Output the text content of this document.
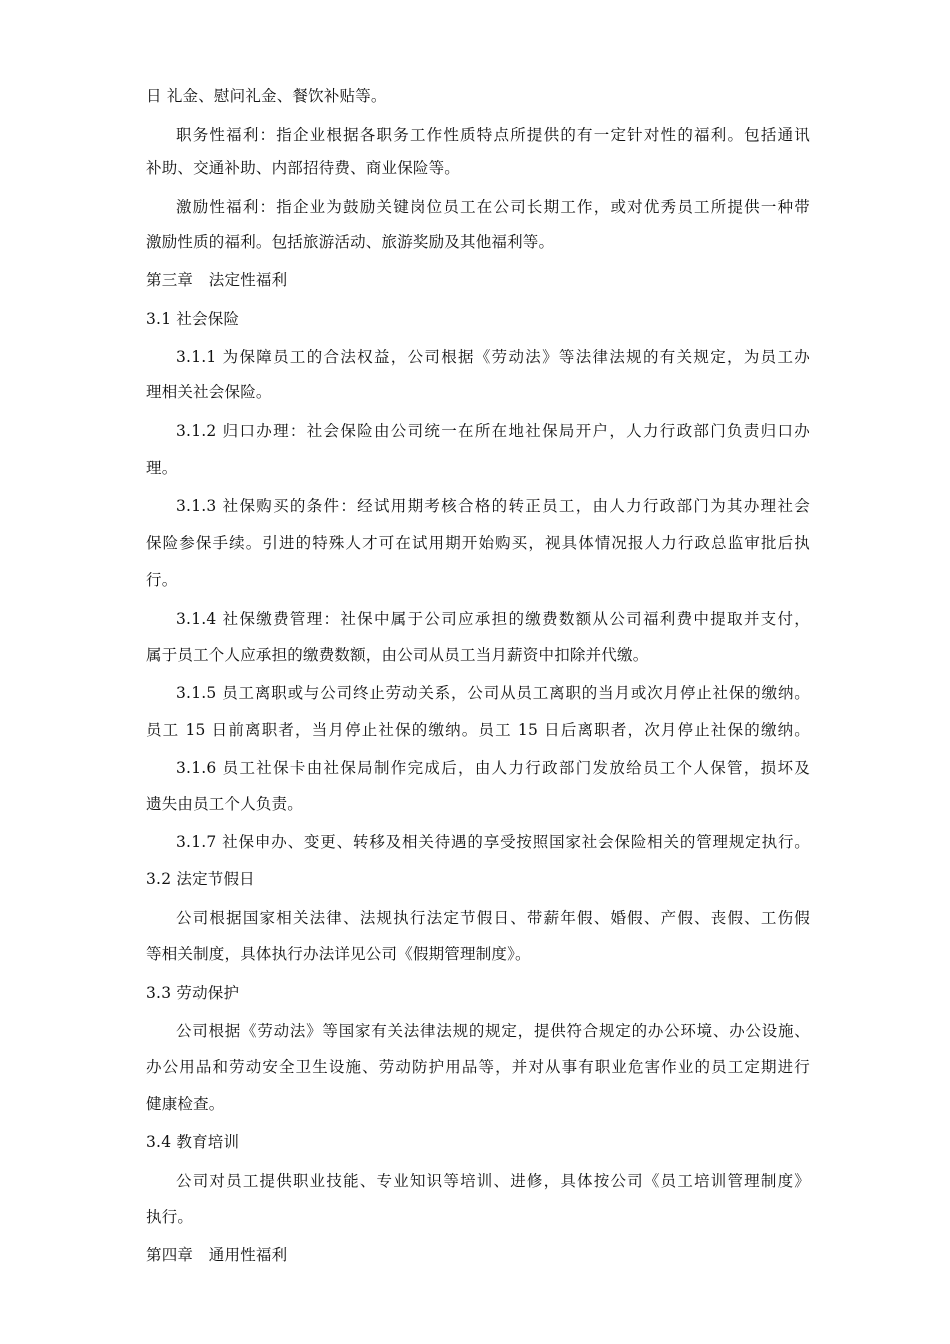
日 礼金、慰问礼金、餐饮补贴等。
职务性福利：指企业根据各职务工作性质特点所提供的有一定针对性的福利。包括通讯
补助、交通补助、内部招待费、商业保险等。
激励性福利：指企业为鼓励关键岗位员工在公司长期工作，或对优秀员工所提供一种带
激励性质的福利。包括旅游活动、旅游奖励及其他福利等。
第三章　法定性福利
3.1 社会保险
3.1.1 为保障员工的合法权益，公司根据《劳动法》等法律法规的有关规定，为员工办
理相关社会保险。
3.1.2 归口办理：社会保险由公司统一在所在地社保局开户，人力行政部门负责归口办
理。
3.1.3 社保购买的条件：经试用期考核合格的转正员工，由人力行政部门为其办理社会
保险参保手续。引进的特殊人才可在试用期开始购买，视具体情况报人力行政总监审批后执
行。
3.1.4 社保缴费管理：社保中属于公司应承担的缴费数额从公司福利费中提取并支付，
属于员工个人应承担的缴费数额，由公司从员工当月薪资中扣除并代缴。
3.1.5 员工离职或与公司终止劳动关系，公司从员工离职的当月或次月停止社保的缴纳。
员工 15 日前离职者，当月停止社保的缴纳。员工 15 日后离职者，次月停止社保的缴纳。
3.1.6 员工社保卡由社保局制作完成后，由人力行政部门发放给员工个人保管，损坏及
遗失由员工个人负责。
3.1.7 社保申办、变更、转移及相关待遇的享受按照国家社会保险相关的管理规定执行。
3.2 法定节假日
公司根据国家相关法律、法规执行法定节假日、带薪年假、婚假、产假、丧假、工伤假
等相关制度，具体执行办法详见公司《假期管理制度》。
3.3 劳动保护
公司根据《劳动法》等国家有关法律法规的规定，提供符合规定的办公环境、办公设施、
办公用品和劳动安全卫生设施、劳动防护用品等，并对从事有职业危害作业的员工定期进行
健康检查。
3.4 教育培训
公司对员工提供职业技能、专业知识等培训、进修，具体按公司《员工培训管理制度》
执行。
第四章　通用性福利
